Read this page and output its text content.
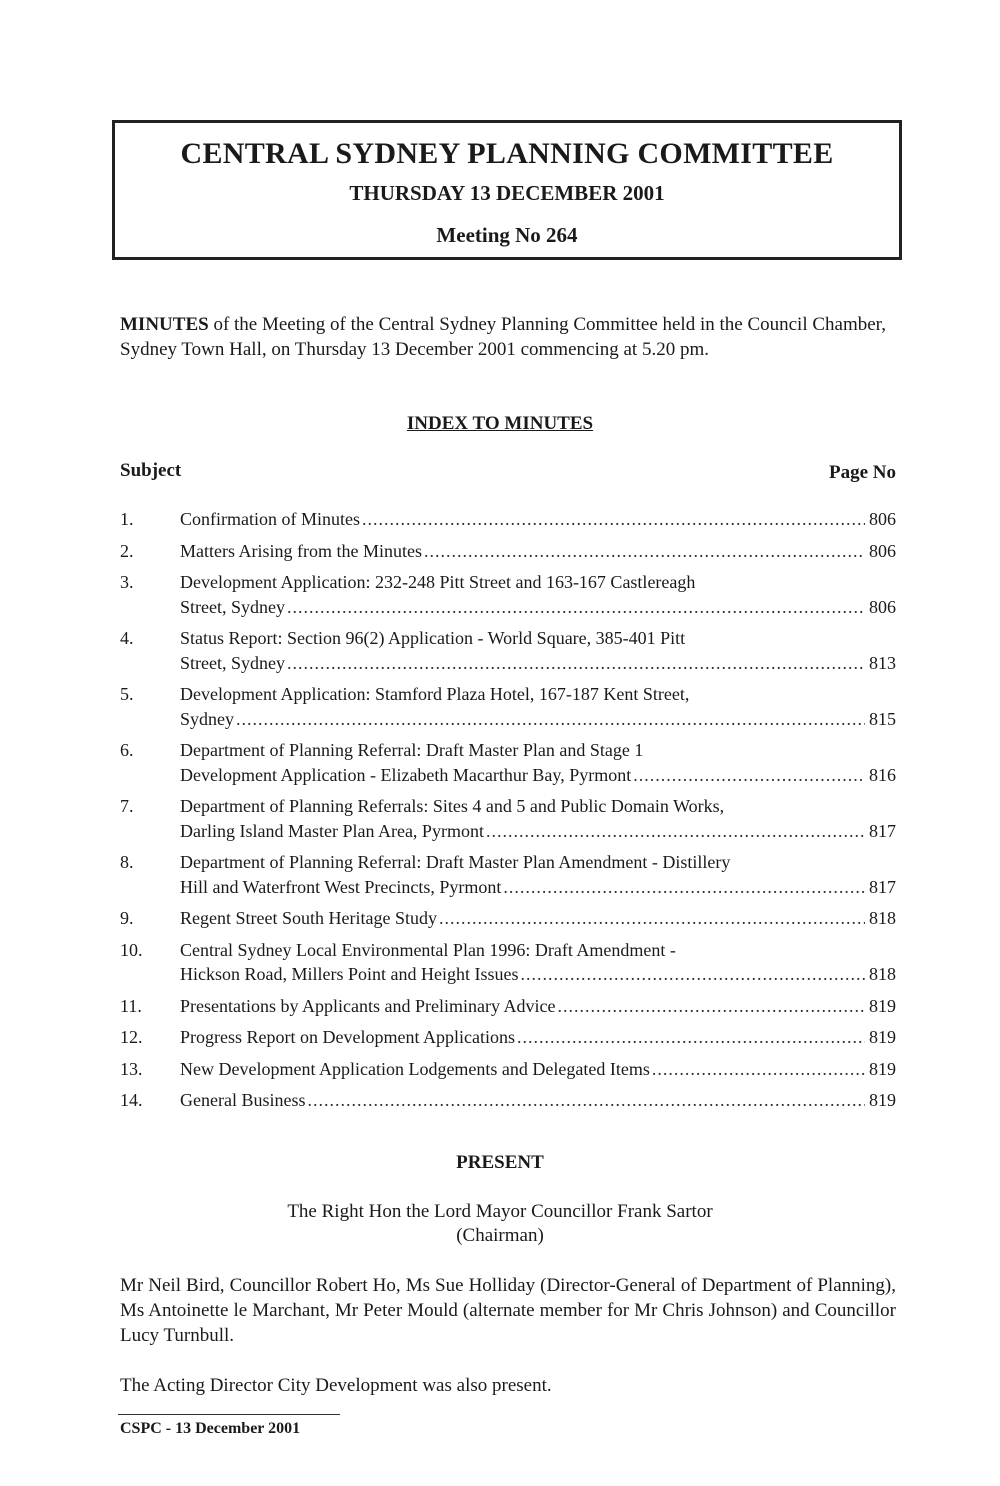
CENTRAL SYDNEY PLANNING COMMITTEE
THURSDAY 13 DECEMBER 2001
Meeting No 264
MINUTES of the Meeting of the Central Sydney Planning Committee held in the Council Chamber, Sydney Town Hall, on Thursday 13 December 2001 commencing at 5.20 pm.
INDEX TO MINUTES
Subject	Page No
1.	Confirmation of Minutes .....	806
2.	Matters Arising from the Minutes .....	806
3.	Development Application: 232-248 Pitt Street and 163-167 Castlereagh
Street, Sydney .....	806
4.	Status Report: Section 96(2) Application - World Square, 385-401 Pitt
Street, Sydney .....	813
5.	Development Application: Stamford Plaza Hotel, 167-187 Kent Street,
Sydney .....	815
6.	Department of Planning Referral: Draft Master Plan and Stage 1
Development Application - Elizabeth Macarthur Bay, Pyrmont .....	816
7.	Department of Planning Referrals: Sites 4 and 5 and Public Domain Works,
Darling Island Master Plan Area, Pyrmont .....	817
8.	Department of Planning Referral: Draft Master Plan Amendment - Distillery
Hill and Waterfront West Precincts, Pyrmont .....	817
9.	Regent Street South Heritage Study .....	818
10.	Central Sydney Local Environmental Plan 1996: Draft Amendment -
Hickson Road, Millers Point and Height Issues .....	818
11.	Presentations by Applicants and Preliminary Advice .....	819
12.	Progress Report on Development Applications .....	819
13.	New Development Application Lodgements and Delegated Items .....	819
14.	General Business .....	819
PRESENT
The Right Hon the Lord Mayor Councillor Frank Sartor
(Chairman)
Mr Neil Bird, Councillor Robert Ho, Ms Sue Holliday (Director-General of Department of Planning), Ms Antoinette le Marchant, Mr Peter Mould (alternate member for Mr Chris Johnson) and Councillor Lucy Turnbull.
The Acting Director City Development was also present.
CSPC - 13 December 2001
